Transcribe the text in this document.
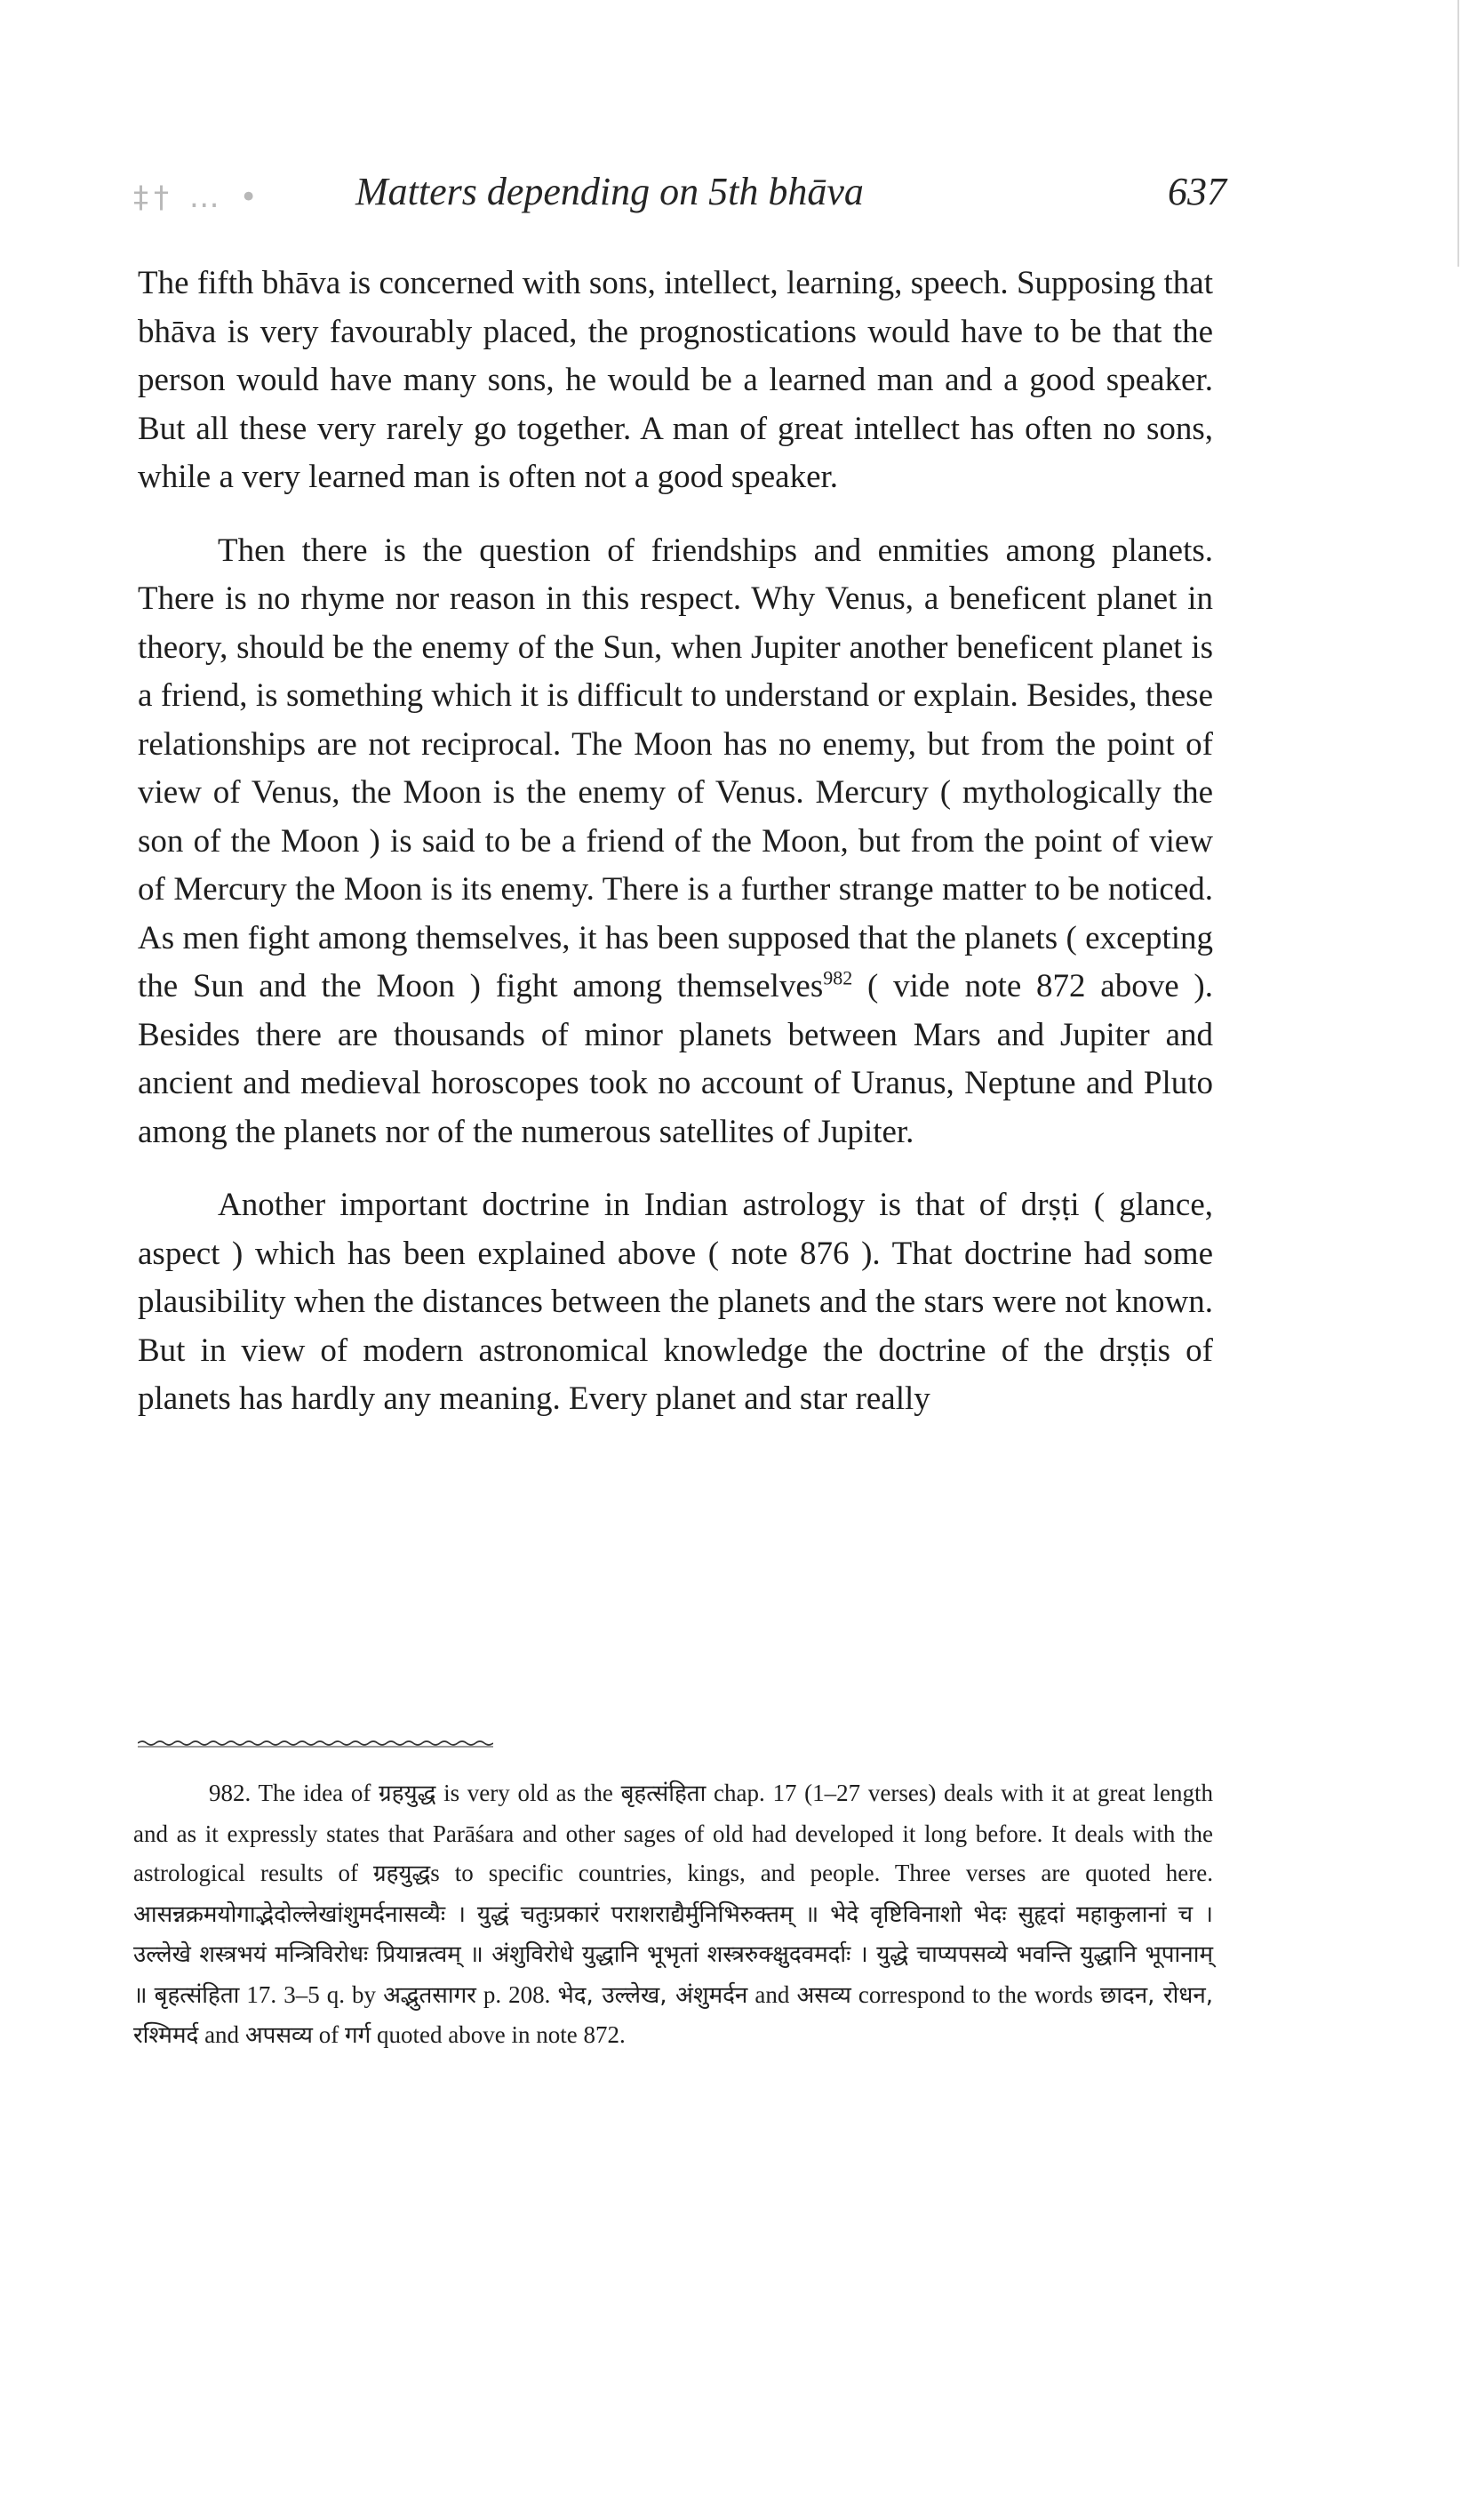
‡† … • Matters depending on 5th bhāva	637

The fifth bhāva is concerned with sons, intellect, learning, speech. Supposing that bhāva is very favourably placed, the prognostications would have to be that the person would have many sons, he would be a learned man and a good speaker. But all these very rarely go together. A man of great intellect has often no sons, while a very learned man is often not a good speaker.

Then there is the question of friendships and enmities among planets. There is no rhyme nor reason in this respect. Why Venus, a beneficent planet in theory, should be the enemy of the Sun, when Jupiter another beneficent planet is a friend, is something which it is difficult to understand or explain. Besides, these relationships are not reciprocal. The Moon has no enemy, but from the point of view of Venus, the Moon is the enemy of Venus. Mercury ( mythologically the son of the Moon ) is said to be a friend of the Moon, but from the point of view of Mercury the Moon is its enemy. There is a further strange matter to be noticed. As men fight among themselves, it has been supposed that the planets ( excepting the Sun and the Moon ) fight among themselves$^{982}$ ( vide note 872 above ). Besides there are thousands of minor planets between Mars and Jupiter and ancient and medieval horoscopes took no account of Uranus, Neptune and Pluto among the planets nor of the numerous satellites of Jupiter.

Another important doctrine in Indian astrology is that of drṣṭi ( glance, aspect ) which has been explained above ( note 876 ). That doctrine had some plausibility when the distances between the planets and the stars were not known. But in view of modern astronomical knowledge the doctrine of the drṣṭis of planets has hardly any meaning. Every planet and star really

982. The idea of ग्रहयुद्ध is very old as the बृहत्संहिता chap. 17 (1–27 verses) deals with it at great length and as it expressly states that Parāśara and other sages of old had developed it long before. It deals with the astrological results of ग्रहयुद्धs to specific countries, kings, and people. Three verses are quoted here. आसन्नक्रमयोगाद्भेदोल्लेखांशुमर्दनासव्यैः । युद्धं चतुःप्रकारं पराशराद्यैर्मुनिभिरुक्तम् ॥ भेदे वृष्टिविनाशो भेदः सुहृदां महाकुलानां च । उल्लेखे शस्त्रभयं मन्त्रिविरोधः प्रियान्नत्वम् ॥ अंशुविरोधे युद्धानि भूभृतां शस्त्ररुक्क्षुदवमर्दाः । युद्धे चाप्यपसव्ये भवन्ति युद्धानि भूपानाम् ॥ बृहत्संहिता 17. 3–5 q. by अद्भुतसागर p. 208. भेद, उल्लेख, अंशुमर्दन and असव्य correspond to the words छादन, रोधन, रश्मिमर्द and अपसव्य of गर्ग quoted above in note 872.
